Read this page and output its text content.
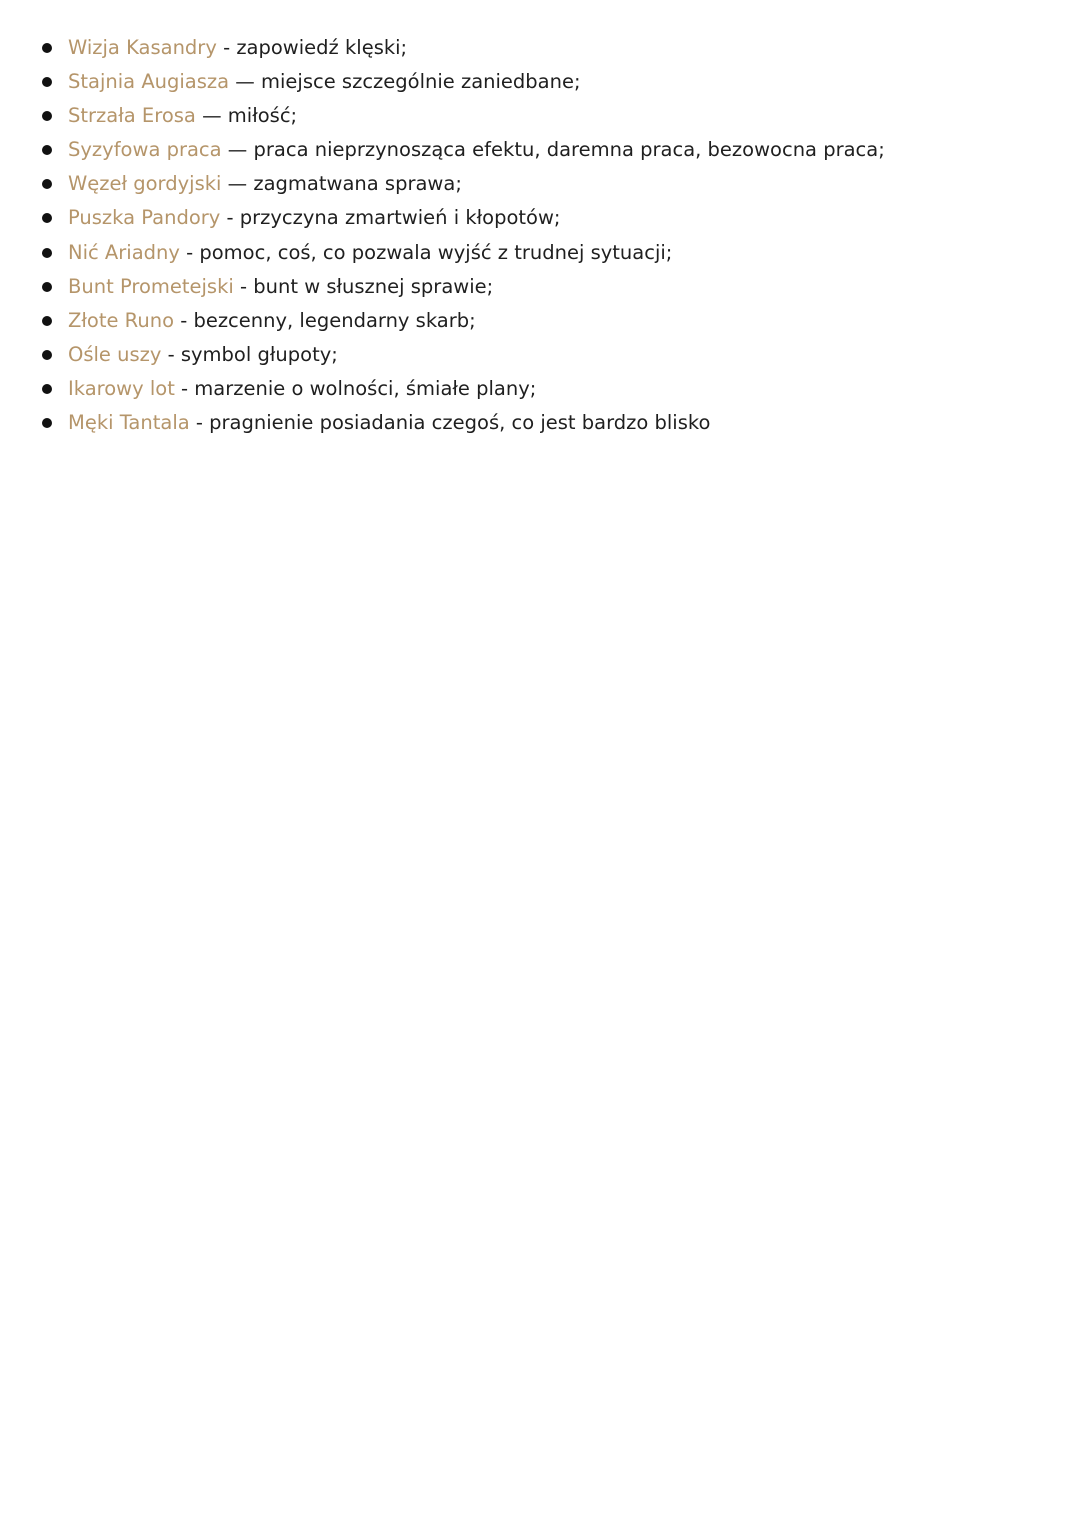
Wizja Kasandry - zapowiedź klęski;
Stajnia Augiasza — miejsce szczególnie zaniedbane;
Strzała Erosa — miłość;
Syzyfowa praca — praca nieprzynosząca efektu, daremna praca, bezowocna praca;
Węzeł gordyjski — zagmatwana sprawa;
Puszka Pandory - przyczyna zmartwień i kłopotów;
Nić Ariadny - pomoc, coś, co pozwala wyjść z trudnej sytuacji;
Bunt Prometejski - bunt w słusznej sprawie;
Złote Runo - bezcenny, legendarny skarb;
Ośle uszy - symbol głupoty;
Ikarowy lot - marzenie o wolności, śmiałe plany;
Męki Tantala - pragnienie posiadania czegoś, co jest bardzo blisko
